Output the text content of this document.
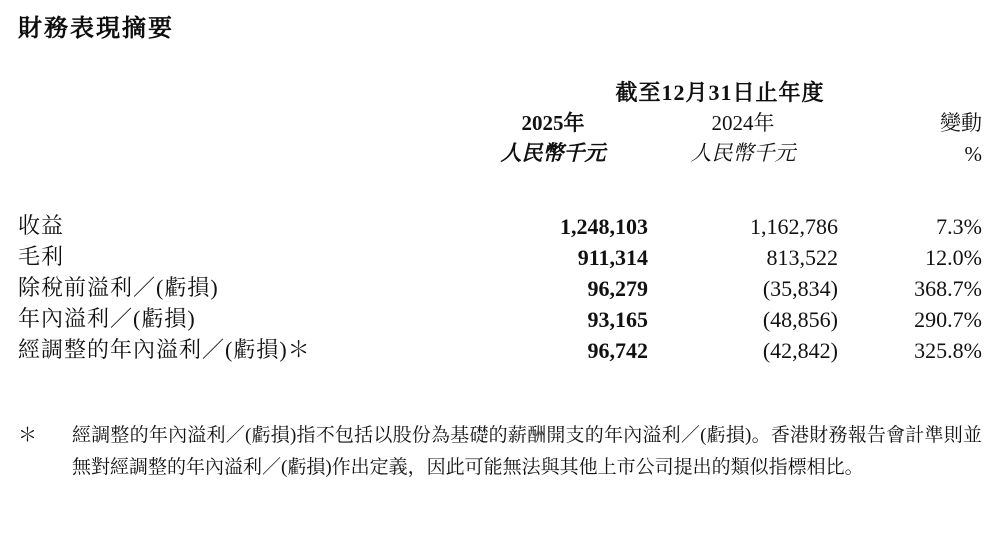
財務表現摘要
	截至12月31日止年度		
	2025年	2024年	變動
	人民幣千元	人民幣千元	%

收益	1,248,103	1,162,786	7.3%
毛利	911,314	813,522	12.0%
除稅前溢利／(虧損)	96,279	(35,834)	368.7%
年內溢利／(虧損)	93,165	(48,856)	290.7%
經調整的年內溢利／(虧損)＊	96,742	(42,842)	325.8%
＊	經調整的年內溢利／(虧損)指不包括以股份為基礎的薪酬開支的年內溢利／(虧損)。香港財務報告會計準則並無對經調整的年內溢利／(虧損)作出定義，因此可能無法與其他上市公司提出的類似指標相比。
